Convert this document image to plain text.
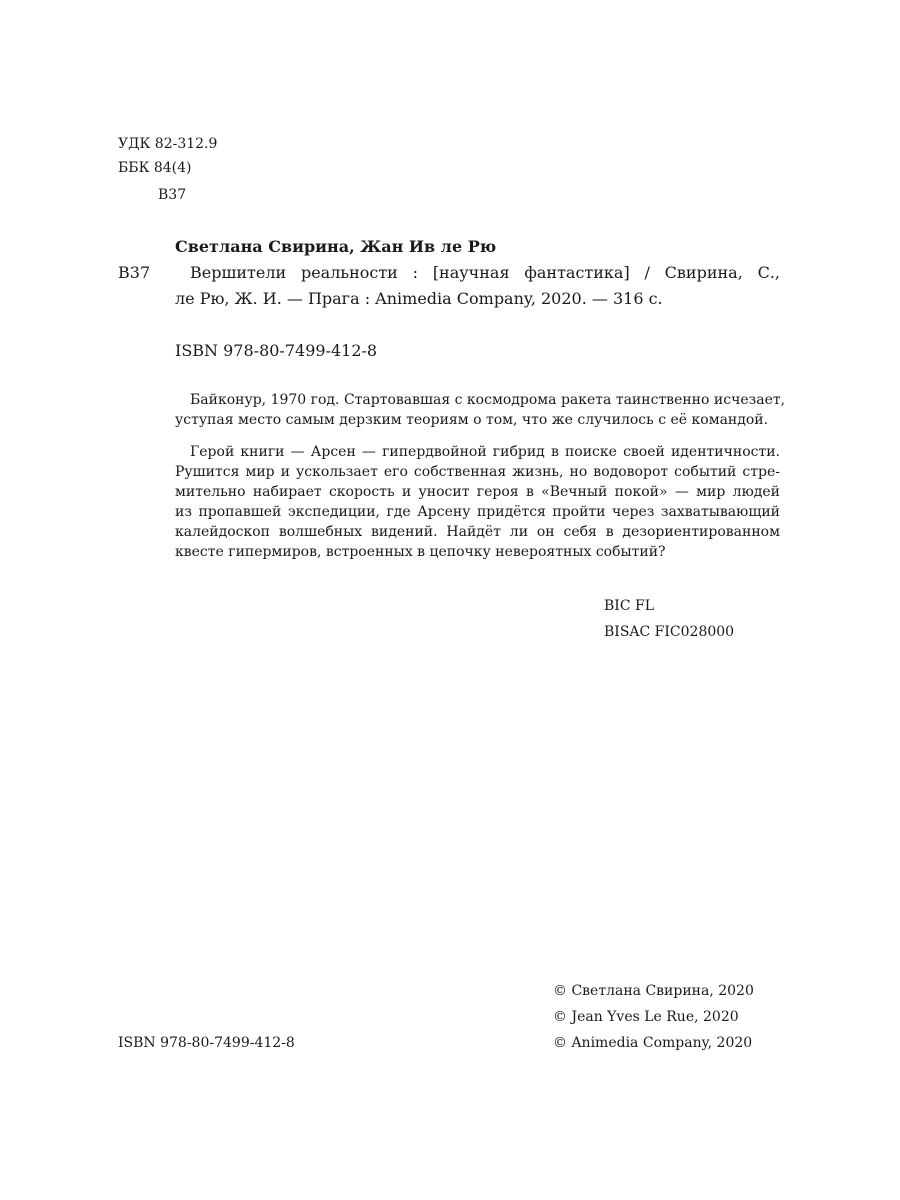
УДК 82-312.9
ББК 84(4)
В37
Светлана Свирина, Жан Ив ле Рю
В37 Вершители реальности : [научная фантастика] / Свирина, С.,
ле Рю, Ж. И. — Прага : Animedia Company, 2020. — 316 с.
ISBN 978-80-7499-412-8
Байконур, 1970 год. Стартовавшая с космодрома ракета таинственно исчезает,
уступая место самым дерзким теориям о том, что же случилось с её командой.
Герой книги — Арсен — гипердвойной гибрид в поиске своей идентичности.
Рушится мир и ускользает его собственная жизнь, но водоворот событий стре-
мительно набирает скорость и уносит героя в «Вечный покой» — мир людей
из пропавшей экспедиции, где Арсену придётся пройти через захватывающий
калейдоскоп волшебных видений. Найдёт ли он себя в дезориентированном
квесте гипермиров, встроенных в цепочку невероятных событий?
BIC FL
BISAC FIC028000
© Светлана Свирина, 2020
© Jean Yves Le Rue, 2020
© Animedia Company, 2020
ISBN 978-80-7499-412-8
